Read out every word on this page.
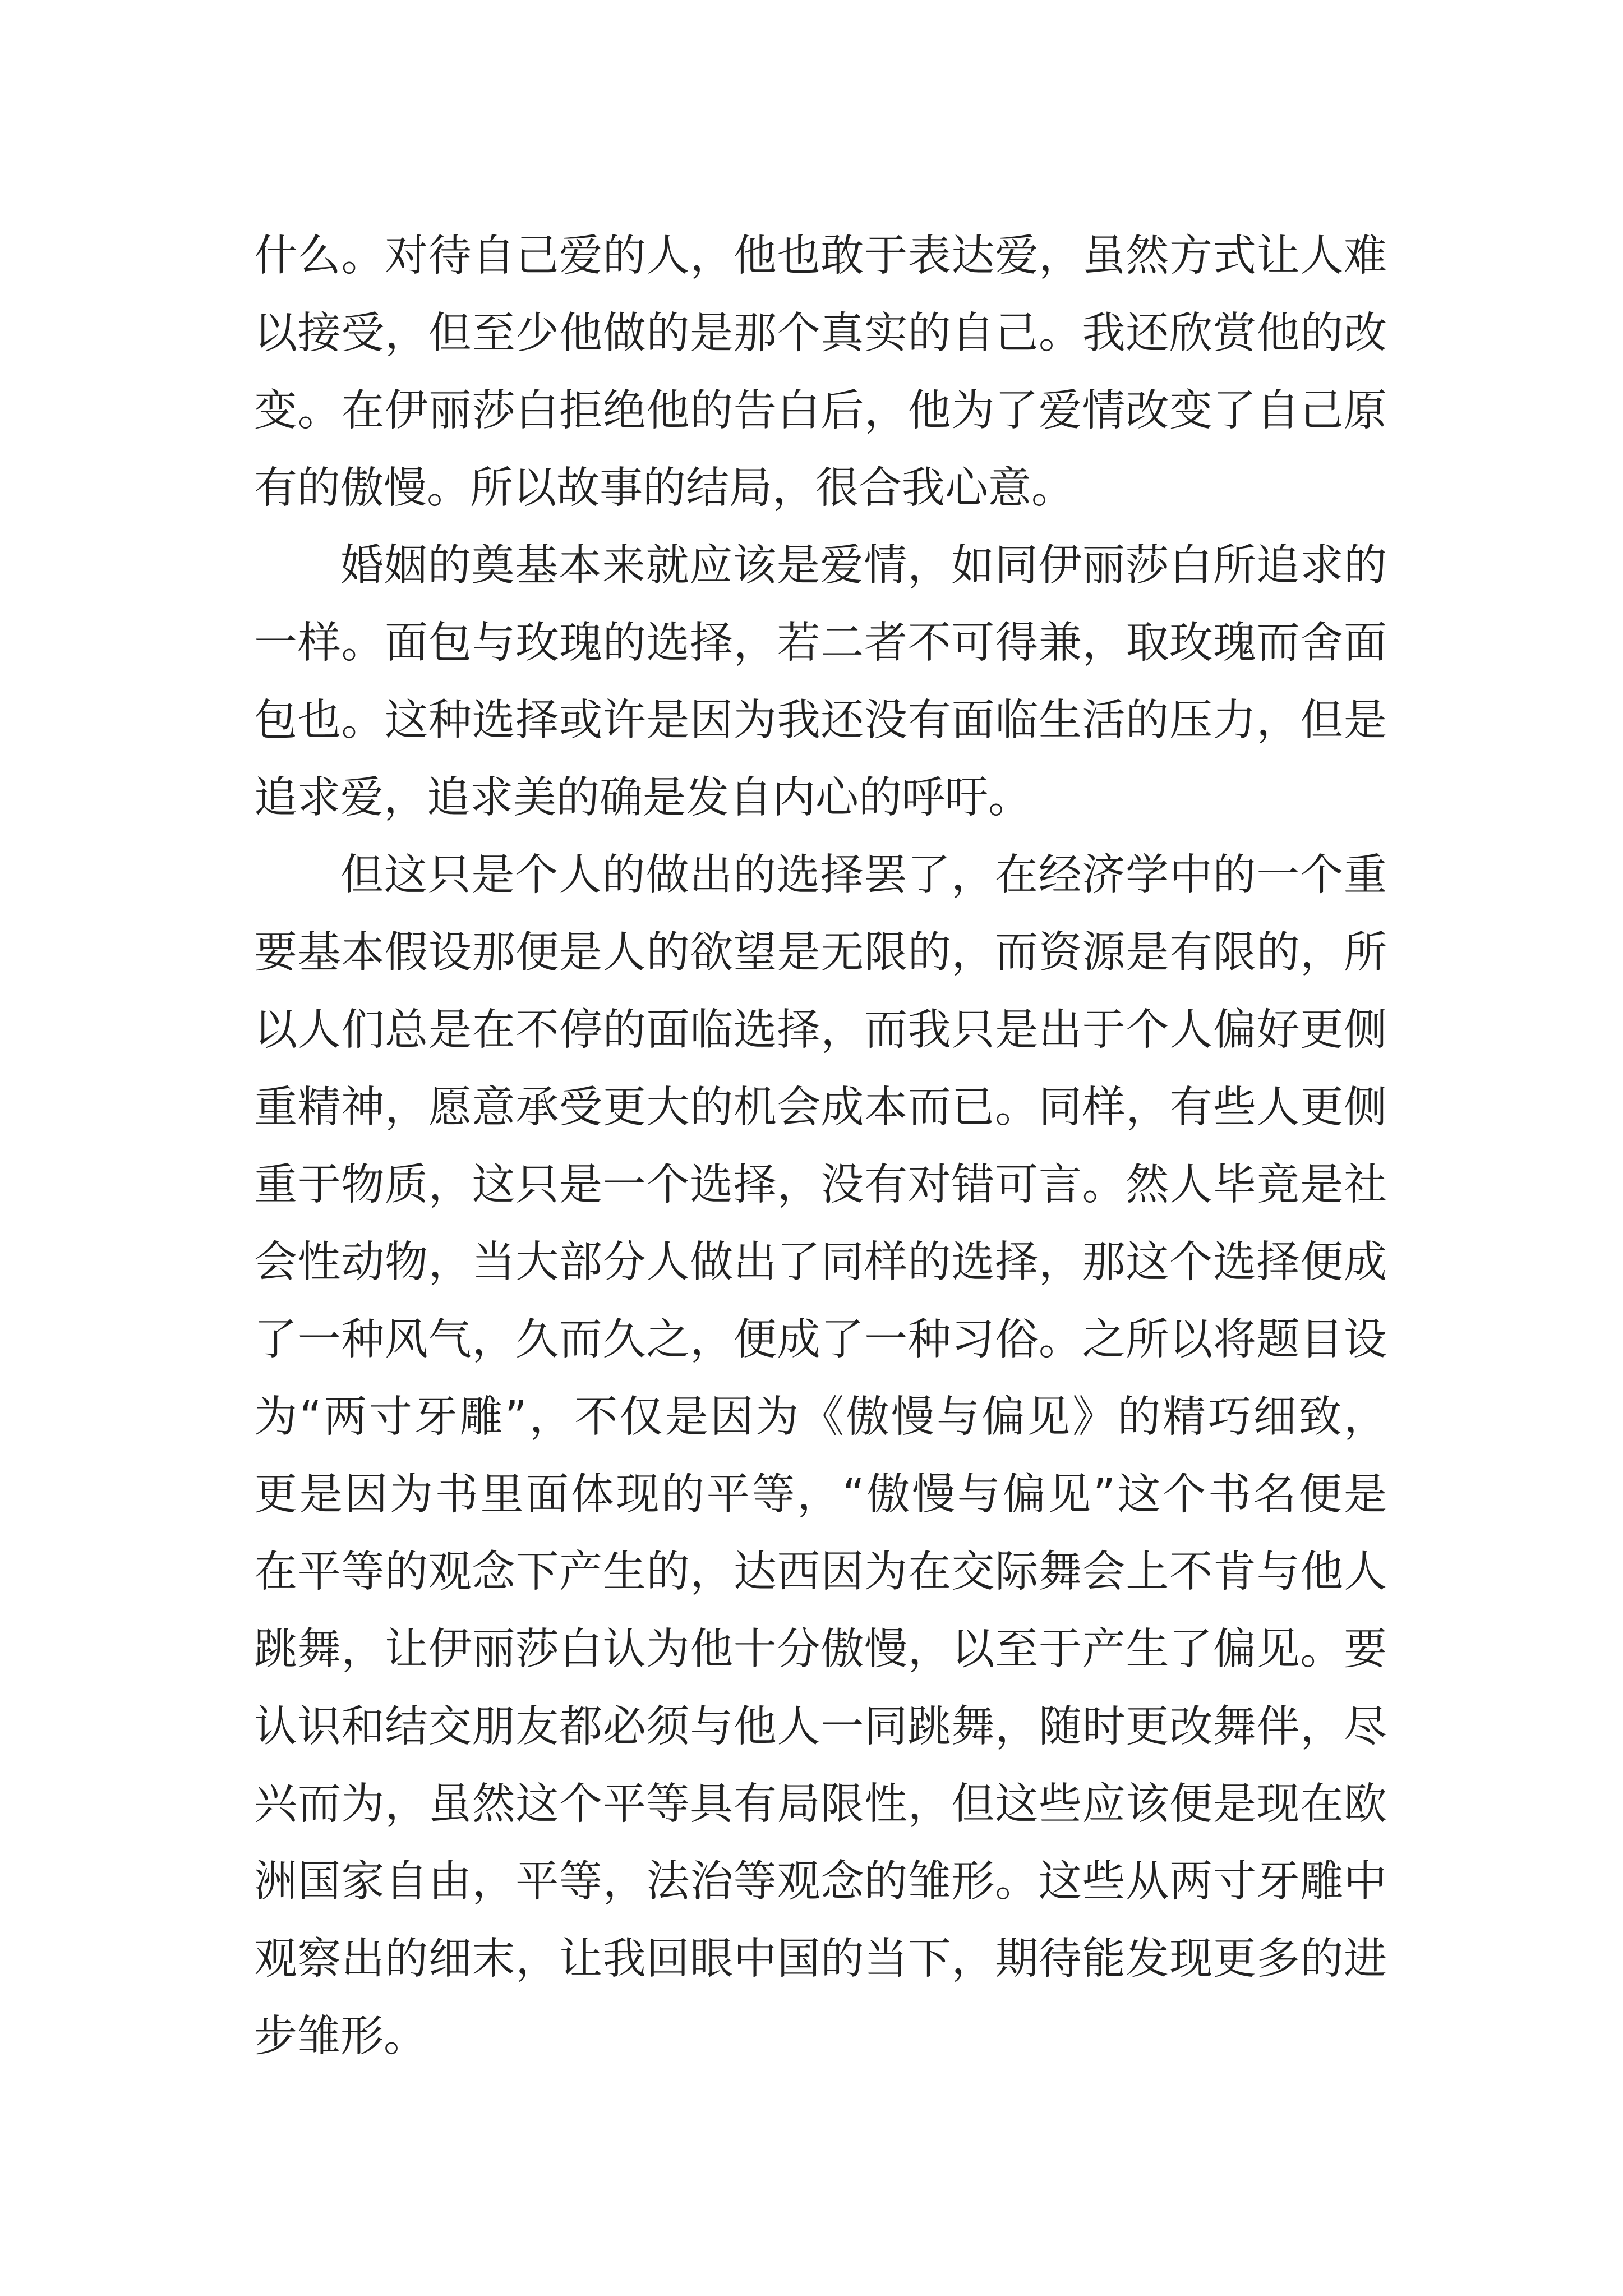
什 么 。 对 待 自 己 爱 的 人 ， 他 也 敢 于 表 达 爱 ， 虽 然 方 式 让 人 难
以 接 受 ， 但 至 少 他 做 的 是 那 个 真 实 的 自 己 。 我 还 欣 赏 他 的 改
变 。 在 伊 丽 莎 白 拒 绝 他 的 告 白 后 ， 他 为 了 爱 情 改 变 了 自 己 原
有的傲慢。所以故事的结局，很合我心意。
婚 姻 的 奠 基 本 来 就 应 该 是 爱 情 ， 如 同 伊 丽 莎 白 所 追 求 的
一 样 。 面 包 与 玫 瑰 的 选 择 ， 若 二 者 不 可 得 兼 ， 取 玫 瑰 而 舍 面
包 也 。 这 种 选 择 或 许 是 因 为 我 还 没 有 面 临 生 活 的 压 力 ， 但 是
追求爱，追求美的确是发自内心的呼吁。
但 这 只 是 个 人 的 做 出 的 选 择 罢 了 ， 在 经 济 学 中 的 一 个 重
要 基 本 假 设 那 便 是 人 的 欲 望 是 无 限 的 ， 而 资 源 是 有 限 的 ， 所
以 人 们 总 是 在 不 停 的 面 临 选 择 ， 而 我 只 是 出 于 个 人 偏 好 更 侧
重 精 神 ， 愿 意 承 受 更 大 的 机 会 成 本 而 已 。 同 样 ， 有 些 人 更 侧
重 于 物 质 ， 这 只 是 一 个 选 择 ， 没 有 对 错 可 言 。 然 人 毕 竟 是 社
会 性 动 物 ， 当 大 部 分 人 做 出 了 同 样 的 选 择 ， 那 这 个 选 择 便 成
了 一 种 风 气 ， 久 而 久 之 ， 便 成 了 一 种 习 俗 。 之 所 以 将 题 目 设
为 “ 两 寸 牙 雕 ” ， 不 仅 是 因 为 《 傲 慢 与 偏 见 》 的 精 巧 细 致 ，
更 是 因 为 书 里 面 体 现 的 平 等 ， “ 傲 慢 与 偏 见 ” 这 个 书 名 便 是
在 平 等 的 观 念 下 产 生 的 ， 达 西 因 为 在 交 际 舞 会 上 不 肯 与 他 人
跳 舞 ， 让 伊 丽 莎 白 认 为 他 十 分 傲 慢 ， 以 至 于 产 生 了 偏 见 。 要
认 识 和 结 交 朋 友 都 必 须 与 他 人 一 同 跳 舞 ， 随 时 更 改 舞 伴 ， 尽
兴 而 为 ， 虽 然 这 个 平 等 具 有 局 限 性 ， 但 这 些 应 该 便 是 现 在 欧
洲 国 家 自 由 ， 平 等 ， 法 治 等 观 念 的 雏 形 。 这 些 从 两 寸 牙 雕 中
观 察 出 的 细 末 ， 让 我 回 眼 中 国 的 当 下 ， 期 待 能 发 现 更 多 的 进
步雏形。
